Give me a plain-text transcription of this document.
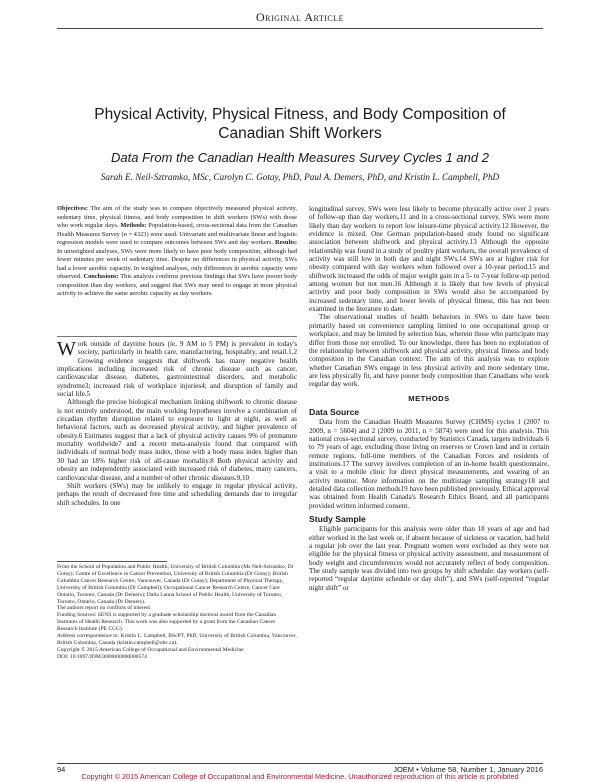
Original Article
Physical Activity, Physical Fitness, and Body Composition of Canadian Shift Workers
Data From the Canadian Health Measures Survey Cycles 1 and 2
Sarah E. Neil-Sztramko, MSc, Carolyn C. Gotay, PhD, Paul A. Demers, PhD, and Kristin L. Campbell, PhD
Objectives: The aim of the study was to compare objectively measured physical activity, sedentary time, physical fitness, and body composition in shift workers (SWs) with those who work regular days. Methods: Population-based, cross-sectional data from the Canadian Health Measures Survey (n = 4323) were used. Univariate and multivariate linear and logistic regression models were used to compare outcomes between SWs and day workers. Results: In unweighted analyses, SWs were more likely to have poor body composition, although had fewer minutes per week of sedentary time. Despite no differences in physical activity, SWs had a lower aerobic capacity. In weighted analyses, only differences in aerobic capacity were observed. Conclusions: This analysis confirms previous findings that SWs have poorer body composition than day workers, and suggest that SWs may need to engage in more physical activity to achieve the same aerobic capacity as day workers.

Work outside of daytime hours (ie, 9 AM to 5 PM) is prevalent in today's society, particularly in health care, manufacturing, hospitality, and retail.1,2 Growing evidence suggests that shiftwork has many negative health implications including increased risk of chronic disease such as cancer, cardiovascular disease, diabetes, gastrointestinal disorders, and metabolic syndrome3; increased risk of workplace injuries4; and disruption of family and social life.5

Although the precise biological mechanism linking shiftwork to chronic disease is not entirely understood, the main working hypotheses involve a combination of circadian rhythm disruption related to exposure to light at night, as well as behavioral factors, such as decreased physical activity, and higher prevalence of obesity.6 Estimates suggest that a lack of physical activity causes 9% of premature mortality worldwide7 and a recent meta-analysis found that compared with individuals of normal body mass index, those with a body mass index higher than 30 had an 18% higher risk of all-cause mortality.8 Both physical activity and obesity are independently associated with increased risk of diabetes, many cancers, cardiovascular disease, and a number of other chronic diseases.9,10

Shift workers (SWs) may be unlikely to engage in regular physical activity, perhaps the result of decreased free time and scheduling demands due to irregular shift schedules. In one

From the School of Population and Public Health, University of British Columbia (Ms Neil-Sztramko, Dr Gotay); Centre of Excellence in Cancer Prevention, University of British Columbia (Dr Gotay); British Columbia Cancer Research Centre, Vancouver, Canada (Dr Gotay); Department of Physical Therapy, University of British Columbia (Dr Campbell); Occupational Cancer Research Centre, Cancer Care Ontario, Toronto, Canada (Dr Demers); Dalla Lanna School of Public Health, University of Toronto, Toronto, Ontario, Canada (Dr Demers).
The authors report no conflicts of interest.
Funding Sources: SENS is supported by a graduate scholarship doctoral award from the Canadian Institutes of Health Research. This work was also supported by a grant from the Canadian Cancer Research Institute (PE CCG).
Address correspondence to: Kristin L. Campbell, BScPT, PhD, University of British Columbia, Vancouver, British Columbia, Canada (kristin.campbell@ubc.ca).
Copyright © 2015 American College of Occupational and Environmental Medicine
DOI: 10.1097/JOM.0000000000000574

longitudinal survey, SWs were less likely to become physically active over 2 years of follow-up than day workers,11 and in a cross-sectional survey, SWs were more likely than day workers to report low leisure-time physical activity.12 However, the evidence is mixed. One German population-based study found no significant association between shiftwork and physical activity.13 Although the opposite relationship was found in a study of poultry plant workers, the overall prevalence of activity was still low in both day and night SWs.14 SWs are at higher risk for obesity compared with day workers when followed over a 10-year period,15 and shiftwork increased the odds of major weight gain in a 5- to 7-year follow-up period among women but not men.16 Although it is likely that low levels of physical activity and poor body composition in SWs would also be accompanied by increased sedentary time, and lower levels of physical fitness, this has not been examined in the literature to date.

The observational studies of health behaviors in SWs to date have been primarily based on convenience sampling limited to one occupational group or workplace, and may be limited by selection bias, wherein those who participate may differ from those not enrolled. To our knowledge, there has been no exploration of the relationship between shiftwork and physical activity, physical fitness and body composition in the Canadian context. The aim of this analysis was to explore whether Canadian SWs engage in less physical activity and more sedentary time, are less physically fit, and have poorer body composition than Canadians who work regular day work.

METHODS
Data Source

Data from the Canadian Health Measures Survey (CHMS) cycles 1 (2007 to 2009, n = 5604) and 2 (2009 to 2011, n = 5874) were used for this analysis. This national cross-sectional survey, conducted by Statistics Canada, targets individuals 6 to 79 years of age, excluding those living on reserves or Crown land and in certain remote regions, full-time members of the Canadian Forces and residents of institutions.17 The survey involves completion of an in-home health questionnaire, a visit to a mobile clinic for direct physical measurements, and wearing of an activity monitor. More information on the multistage sampling strategy18 and detailed data collection methods19 have been published previously. Ethical approval was obtained from Health Canada's Research Ethics Board, and all participants provided written informed consent.

Study Sample

Eligible participants for this analysis were older than 18 years of age and had either worked in the last week or, if absent because of sickness or vacation, had held a regular job over the last year. Pregnant women were excluded as they were not eligible for the physical fitness or physical activity assessment, and measurement of body weight and circumferences would not accurately reflect of body composition. The study sample was divided into two groups by shift schedule: day workers (self-reported “regular daytime schedule or day shift”), and SWs (self-reported “regular night shift” or

94	JOEM • Volume 58, Number 1, January 2016
Copyright © 2015 American College of Occupational and Environmental Medicine. Unauthorized reproduction of this article is prohibited
